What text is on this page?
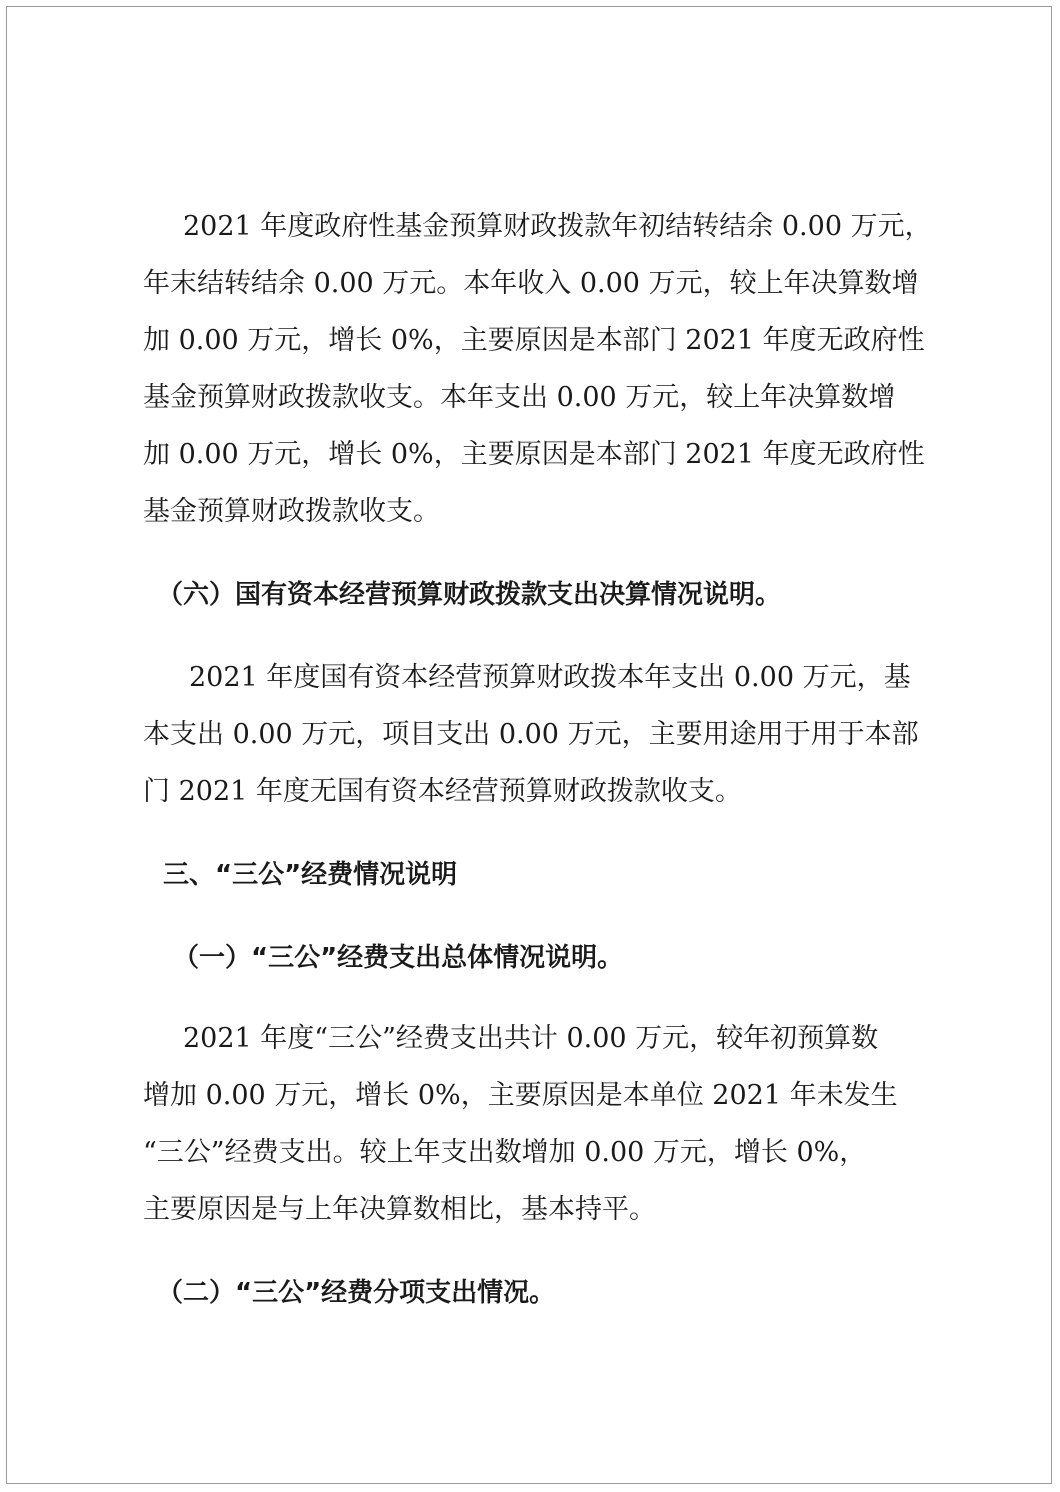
2021 年度政府性基金预算财政拨款年初结转结余 0.00 万元，
年末结转结余 0.00 万元。本年收入 0.00 万元，较上年决算数增
加 0.00 万元，增长 0%，主要原因是本部门 2021 年度无政府性
基金预算财政拨款收支。本年支出 0.00 万元，较上年决算数增
加 0.00 万元，增长 0%，主要原因是本部门 2021 年度无政府性
基金预算财政拨款收支。
（六）国有资本经营预算财政拨款支出决算情况说明。
2021 年度国有资本经营预算财政拨本年支出 0.00 万元，基
本支出 0.00 万元，项目支出 0.00 万元，主要用途用于用于本部
门 2021 年度无国有资本经营预算财政拨款收支。
三、“三公”经费情况说明
（一）“三公”经费支出总体情况说明。
2021 年度“三公”经费支出共计 0.00 万元，较年初预算数
增加 0.00 万元，增长 0%，主要原因是本单位 2021 年未发生
“三公”经费支出。较上年支出数增加 0.00 万元，增长 0%，
主要原因是与上年决算数相比，基本持平。
（二）“三公”经费分项支出情况。
